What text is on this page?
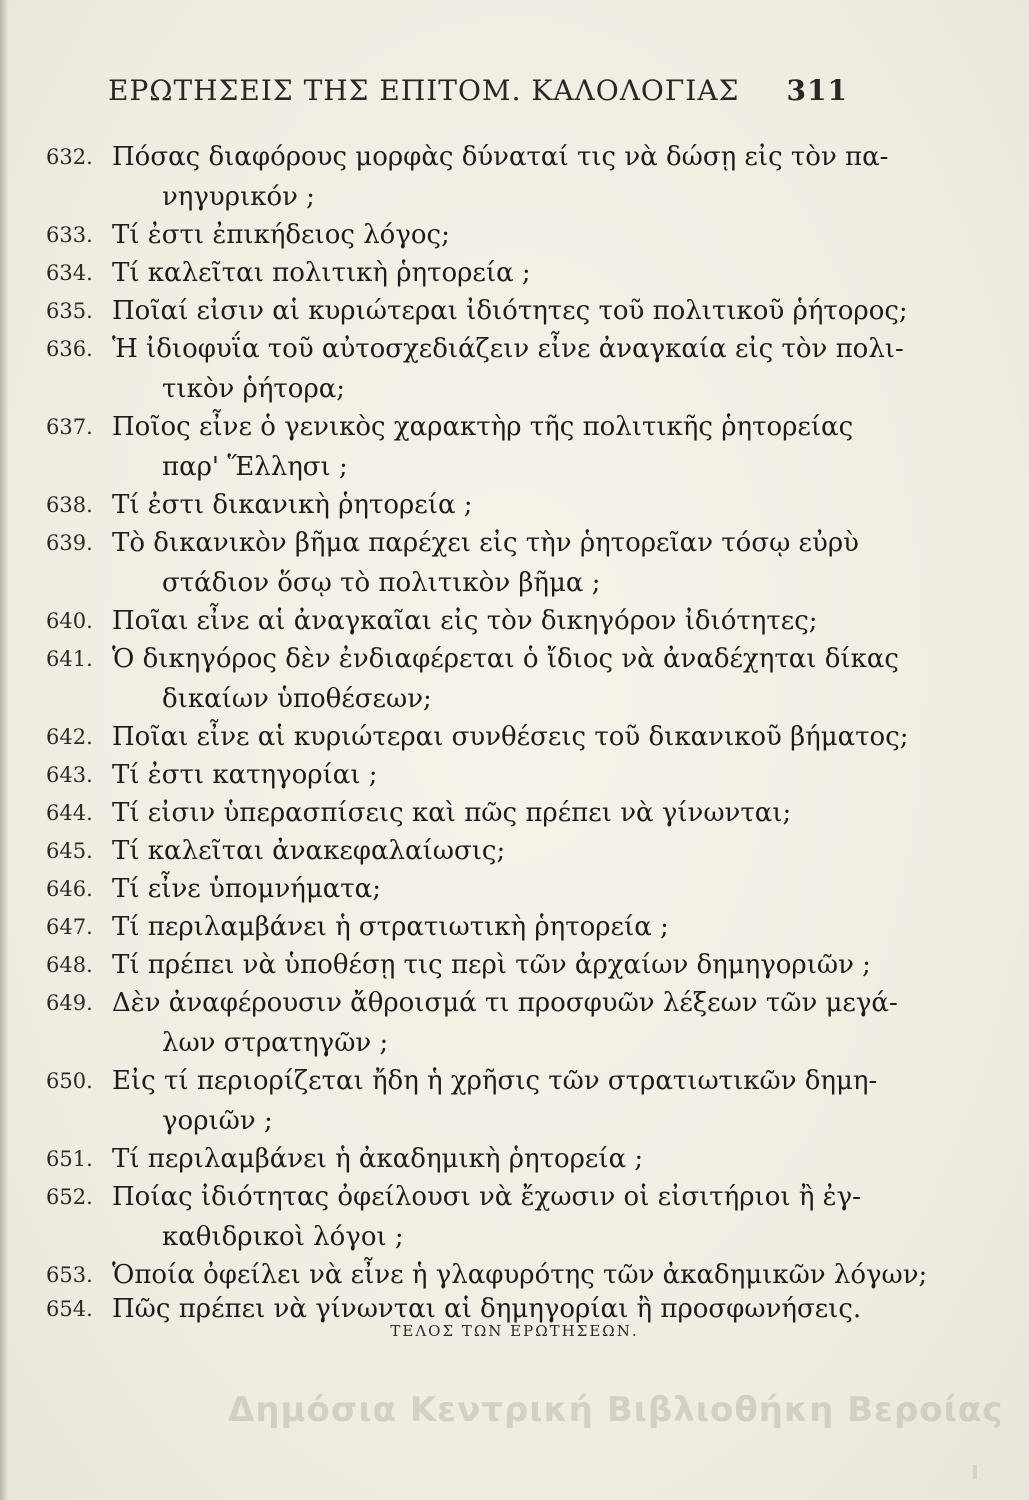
ΕΡΩΤΗΣΕΙΣ ΤΗΣ ΕΠΙΤΟΜ. ΚΑΛΟΛΟΓΙΑΣ 311
632. Πόσας διαφόρους μορφὰς δύναταί τις νὰ δώσῃ εἰς τὸν πα-
νηγυρικόν ;
633. Τί ἐστι ἐπικήδειος λόγος;
634. Τί καλεῖται πολιτικὴ ῥητορεία ;
635. Ποῖαί εἰσιν αἱ κυριώτεραι ἰδιότητες τοῦ πολιτικοῦ ῥήτορος;
636. Ἡ ἰδιοφυΐα τοῦ αὐτοσχεδιάζειν εἶνε ἀναγκαία εἰς τὸν πολι-
τικὸν ῥήτορα;
637. Ποῖος εἶνε ὁ γενικὸς χαρακτὴρ τῆς πολιτικῆς ῥητορείας
παρ' Ἕλλησι ;
638. Τί ἐστι δικανικὴ ῥητορεία ;
639. Τὸ δικανικὸν βῆμα παρέχει εἰς τὴν ῥητορεῖαν τόσῳ εὐρὺ
στάδιον ὅσῳ τὸ πολιτικὸν βῆμα ;
640. Ποῖαι εἶνε αἱ ἀναγκαῖαι εἰς τὸν δικηγόρον ἰδιότητες;
641. Ὁ δικηγόρος δὲν ἐνδιαφέρεται ὁ ἴδιος νὰ ἀναδέχηται δίκας
δικαίων ὑποθέσεων;
642. Ποῖαι εἶνε αἱ κυριώτεραι συνθέσεις τοῦ δικανικοῦ βήματος;
643. Τί ἐστι κατηγορίαι ;
644. Τί εἰσιν ὑπερασπίσεις καὶ πῶς πρέπει νὰ γίνωνται;
645. Τί καλεῖται ἀνακεφαλαίωσις;
646. Τί εἶνε ὑπομνήματα;
647. Τί περιλαμβάνει ἡ στρατιωτικὴ ῥητορεία ;
648. Τί πρέπει νὰ ὑποθέσῃ τις περὶ τῶν ἀρχαίων δημηγοριῶν ;
649. Δὲν ἀναφέρουσιν ἄθροισμά τι προσφυῶν λέξεων τῶν μεγά-
λων στρατηγῶν ;
650. Εἰς τί περιορίζεται ἤδη ἡ χρῆσις τῶν στρατιωτικῶν δημη-
γοριῶν ;
651. Τί περιλαμβάνει ἡ ἀκαδημικὴ ῥητορεία ;
652. Ποίας ἰδιότητας ὀφείλουσι νὰ ἔχωσιν οἱ εἰσιτήριοι ἢ ἐγ-
καθιδρικοὶ λόγοι ;
653. Ὁποία ὀφείλει νὰ εἶνε ἡ γλαφυρότης τῶν ἀκαδημικῶν λόγων;
654. Πῶς πρέπει νὰ γίνωνται αἱ δημηγορίαι ἢ προσφωνήσεις.
ΤΕΛΟΣ ΤΩΝ ΕΡΩΤΗΣΕΩΝ.
Δημόσια Κεντρική Βιβλιοθήκη Βεροίας
